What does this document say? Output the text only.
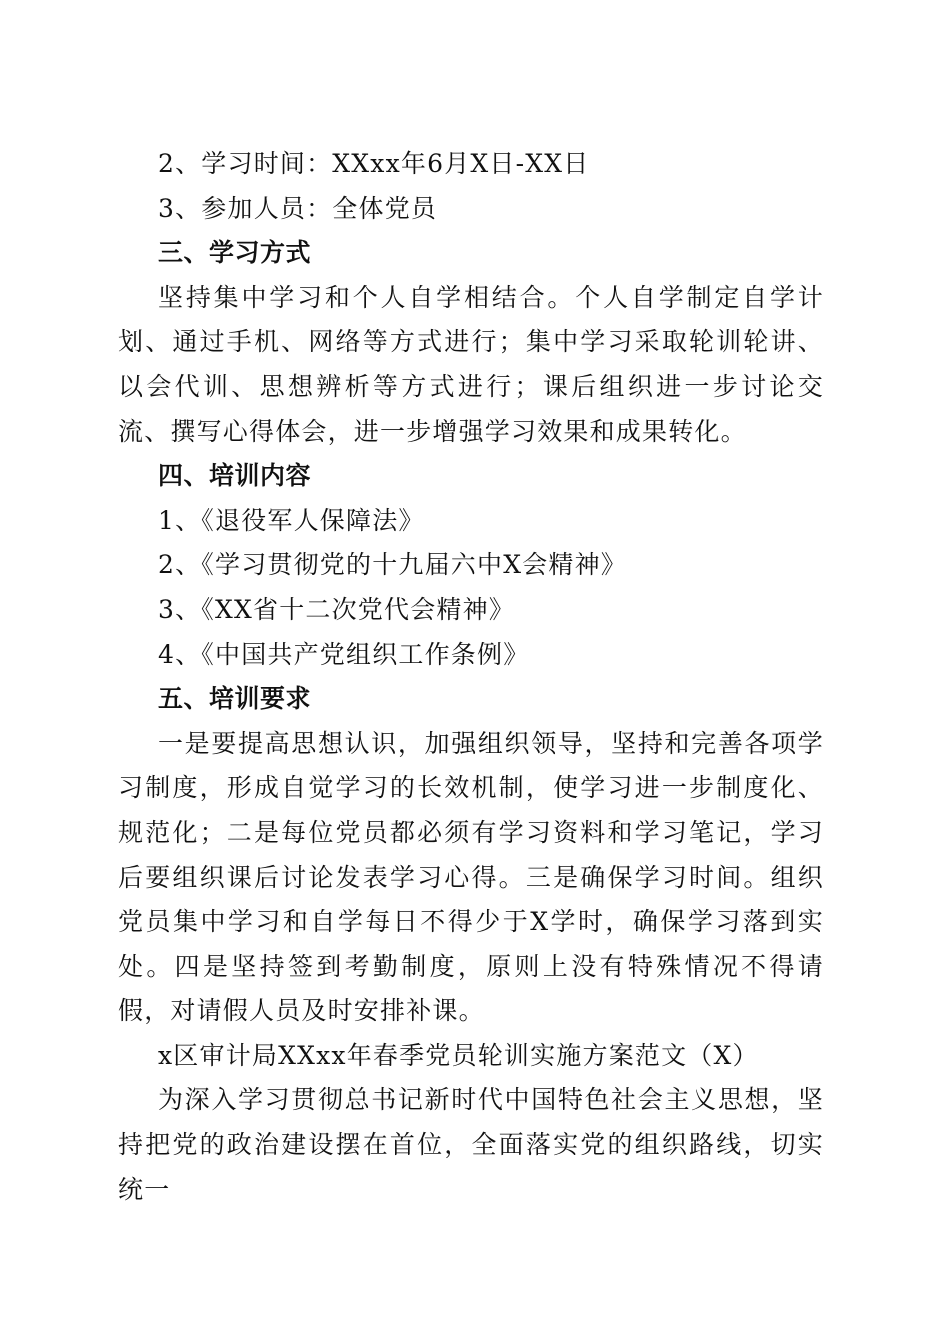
2、学习时间：XXxx年6月X日-XX日
3、参加人员：全体党员
三、学习方式

坚持集中学习和个人自学相结合。个人自学制定自学计划、通过手机、网络等方式进行；集中学习采取轮训轮讲、以会代训、思想辨析等方式进行；课后组织进一步讨论交流、撰写心得体会，进一步增强学习效果和成果转化。

四、培训内容
1、《退役军人保障法》
2、《学习贯彻党的十九届六中X会精神》
3、《XX省十二次党代会精神》
4、《中国共产党组织工作条例》
五、培训要求

一是要提高思想认识，加强组织领导，坚持和完善各项学习制度，形成自觉学习的长效机制，使学习进一步制度化、规范化；二是每位党员都必须有学习资料和学习笔记，学习后要组织课后讨论发表学习心得。三是确保学习时间。组织党员集中学习和自学每日不得少于X学时，确保学习落到实处。四是坚持签到考勤制度，原则上没有特殊情况不得请假，对请假人员及时安排补课。

x区审计局XXxx年春季党员轮训实施方案范文（X）

为深入学习贯彻总书记新时代中国特色社会主义思想，坚持把党的政治建设摆在首位，全面落实党的组织路线，切实统一
